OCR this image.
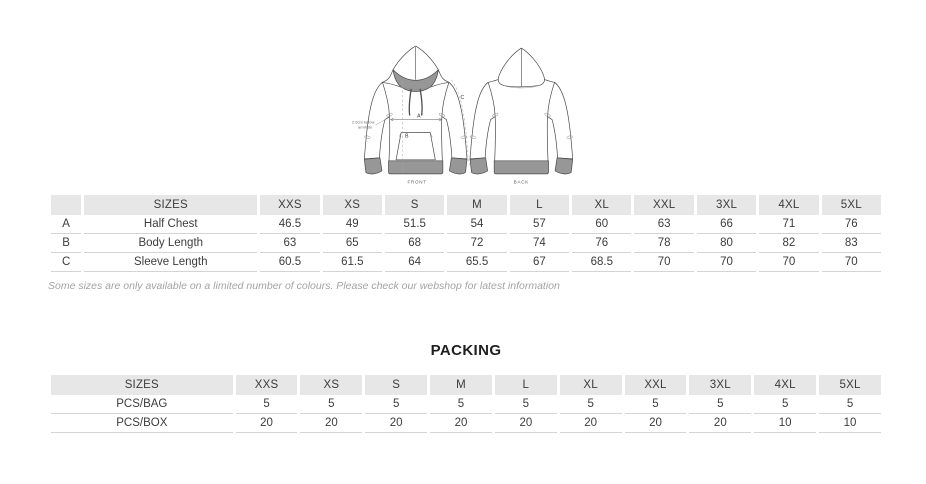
A
B
C
2.5cm below
armhole
FRONT	BACK
	SIZES	XXS	XS	S	M	L	XL	XXL	3XL	4XL	5XL
A	Half Chest	46.5	49	51.5	54	57	60	63	66	71	76
B	Body Length	63	65	68	72	74	76	78	80	82	83
C	Sleeve Length	60.5	61.5	64	65.5	67	68.5	70	70	70	70

Some sizes are only available on a limited number of colours. Please check our webshop for latest information

PACKING
SIZES	XXS	XS	S	M	L	XL	XXL	3XL	4XL	5XL
PCS/BAG	5	5	5	5	5	5	5	5	5	5
PCS/BOX	20	20	20	20	20	20	20	20	10	10
